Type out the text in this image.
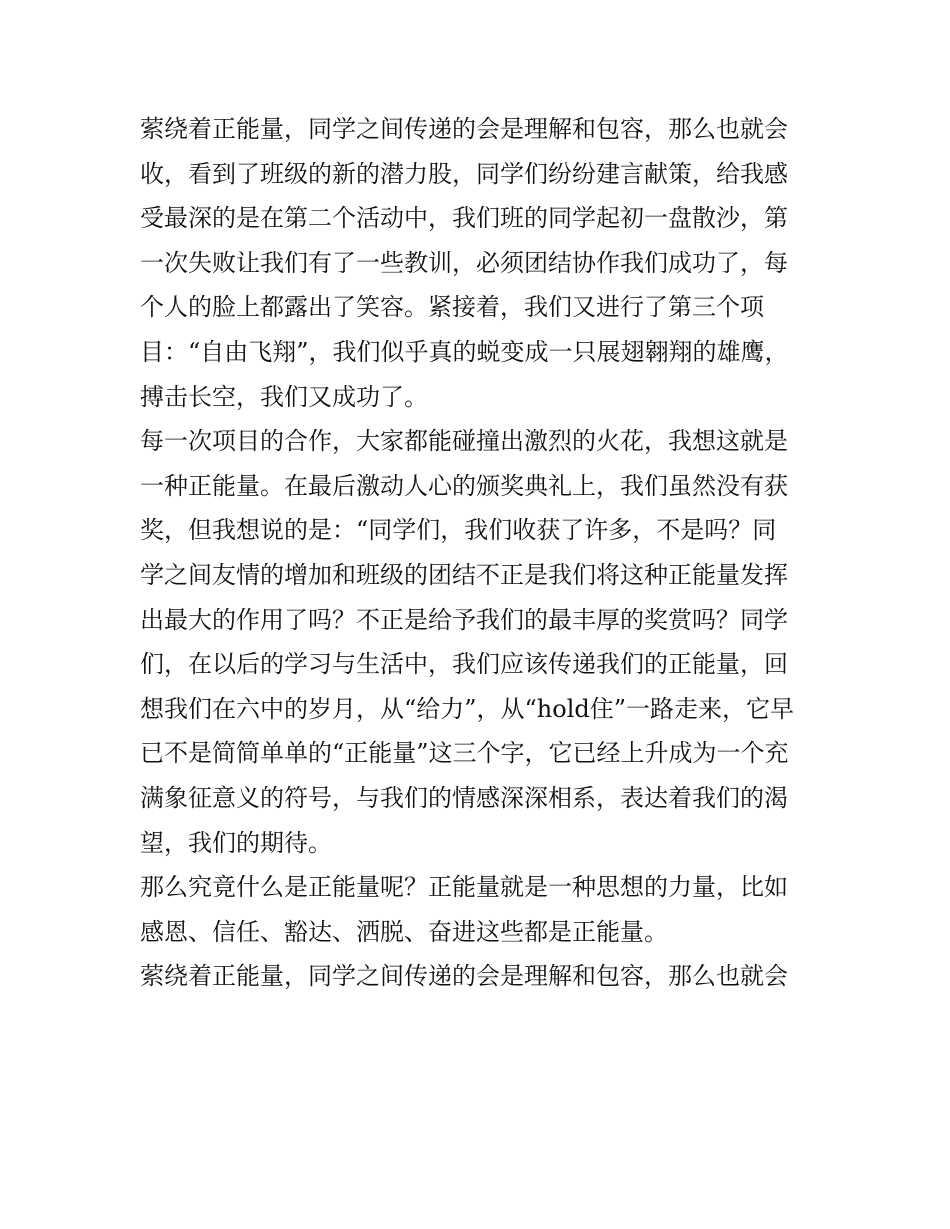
萦绕着正能量，同学之间传递的会是理解和包容，那么也就会
收，看到了班级的新的潜力股，同学们纷纷建言献策，给我感
受最深的是在第二个活动中，我们班的同学起初一盘散沙，第
一次失败让我们有了一些教训，必须团结协作我们成功了，每
个人的脸上都露出了笑容。紧接着，我们又进行了第三个项
目：“自由飞翔”，我们似乎真的蜕变成一只展翅翱翔的雄鹰，
搏击长空，我们又成功了。
每一次项目的合作，大家都能碰撞出激烈的火花，我想这就是
一种正能量。在最后激动人心的颁奖典礼上，我们虽然没有获
奖，但我想说的是：“同学们，我们收获了许多，不是吗？同
学之间友情的增加和班级的团结不正是我们将这种正能量发挥
出最大的作用了吗？不正是给予我们的最丰厚的奖赏吗？同学
们，在以后的学习与生活中，我们应该传递我们的正能量，回
想我们在六中的岁月，从“给力”，从“hold住”一路走来，它早
已不是简简单单的“正能量”这三个字，它已经上升成为一个充
满象征意义的符号，与我们的情感深深相系，表达着我们的渴
望，我们的期待。
那么究竟什么是正能量呢？正能量就是一种思想的力量，比如
感恩、信任、豁达、洒脱、奋进这些都是正能量。
萦绕着正能量，同学之间传递的会是理解和包容，那么也就会
